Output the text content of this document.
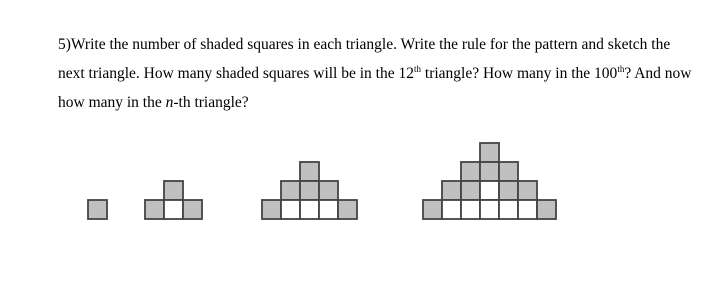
5)Write the number of shaded squares in each triangle. Write the rule for the pattern and sketch the next triangle. How many shaded squares will be in the 12th triangle? How many in the 100th? And now how many in the n-th triangle?
